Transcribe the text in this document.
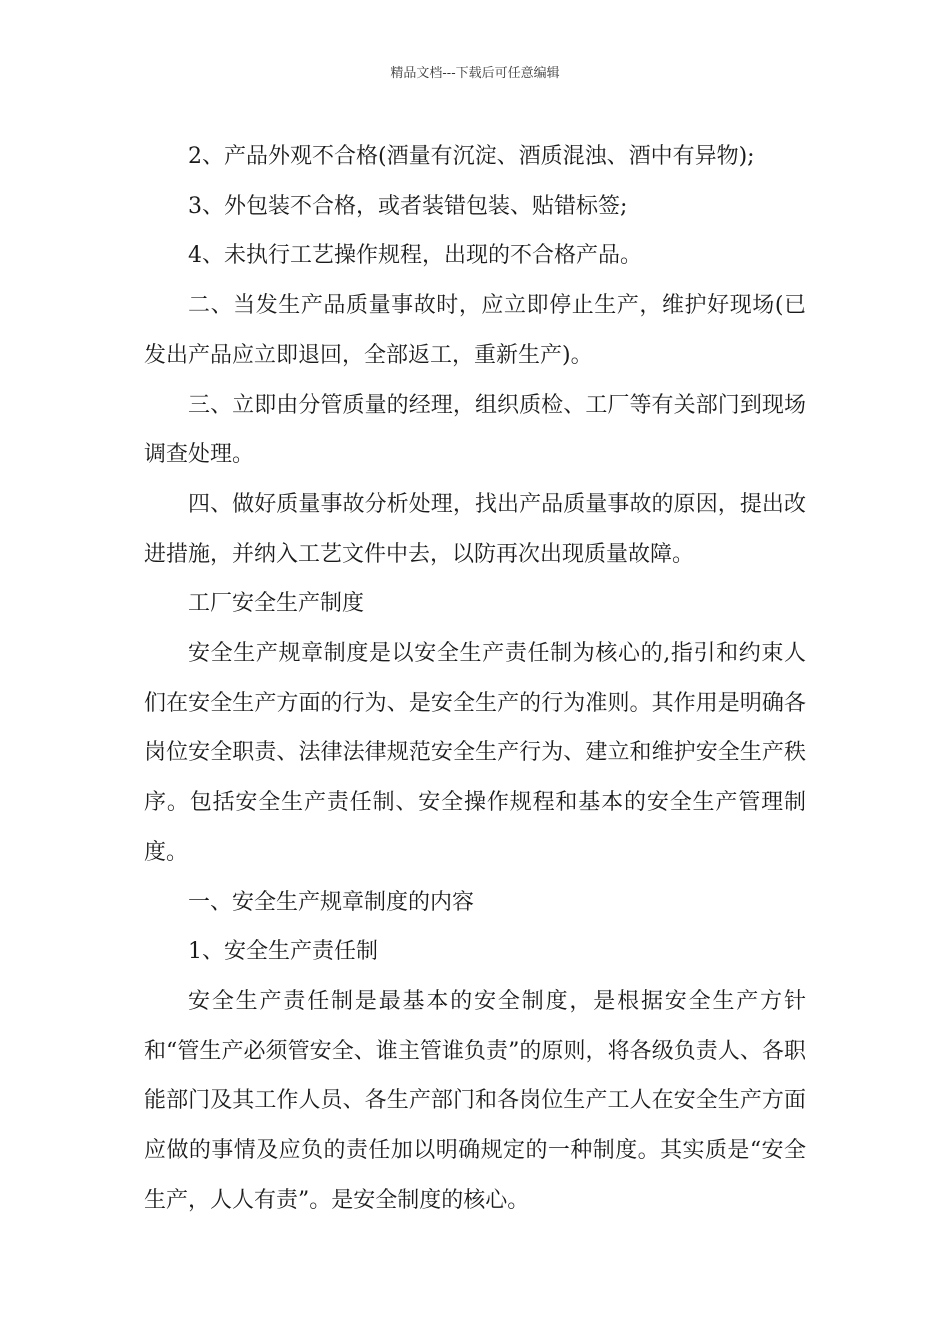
精品文档---下载后可任意编辑

2、产品外观不合格(酒量有沉淀、酒质混浊、酒中有异物);

3、外包装不合格，或者装错包装、贴错标签;

4、未执行工艺操作规程，出现的不合格产品。

二、当发生产品质量事故时，应立即停止生产，维护好现场(已发出产品应立即退回，全部返工，重新生产)。

三、立即由分管质量的经理，组织质检、工厂等有关部门到现场调查处理。

四、做好质量事故分析处理，找出产品质量事故的原因，提出改进措施，并纳入工艺文件中去，以防再次出现质量故障。

工厂安全生产制度

安全生产规章制度是以安全生产责任制为核心的,指引和约束人们在安全生产方面的行为、是安全生产的行为准则。其作用是明确各岗位安全职责、法律法律规范安全生产行为、建立和维护安全生产秩序。包括安全生产责任制、安全操作规程和基本的安全生产管理制度。

一、安全生产规章制度的内容

1、安全生产责任制

安全生产责任制是最基本的安全制度，是根据安全生产方针和“管生产必须管安全、谁主管谁负责”的原则，将各级负责人、各职能部门及其工作人员、各生产部门和各岗位生产工人在安全生产方面应做的事情及应负的责任加以明确规定的一种制度。其实质是“安全生产，人人有责”。是安全制度的核心。
